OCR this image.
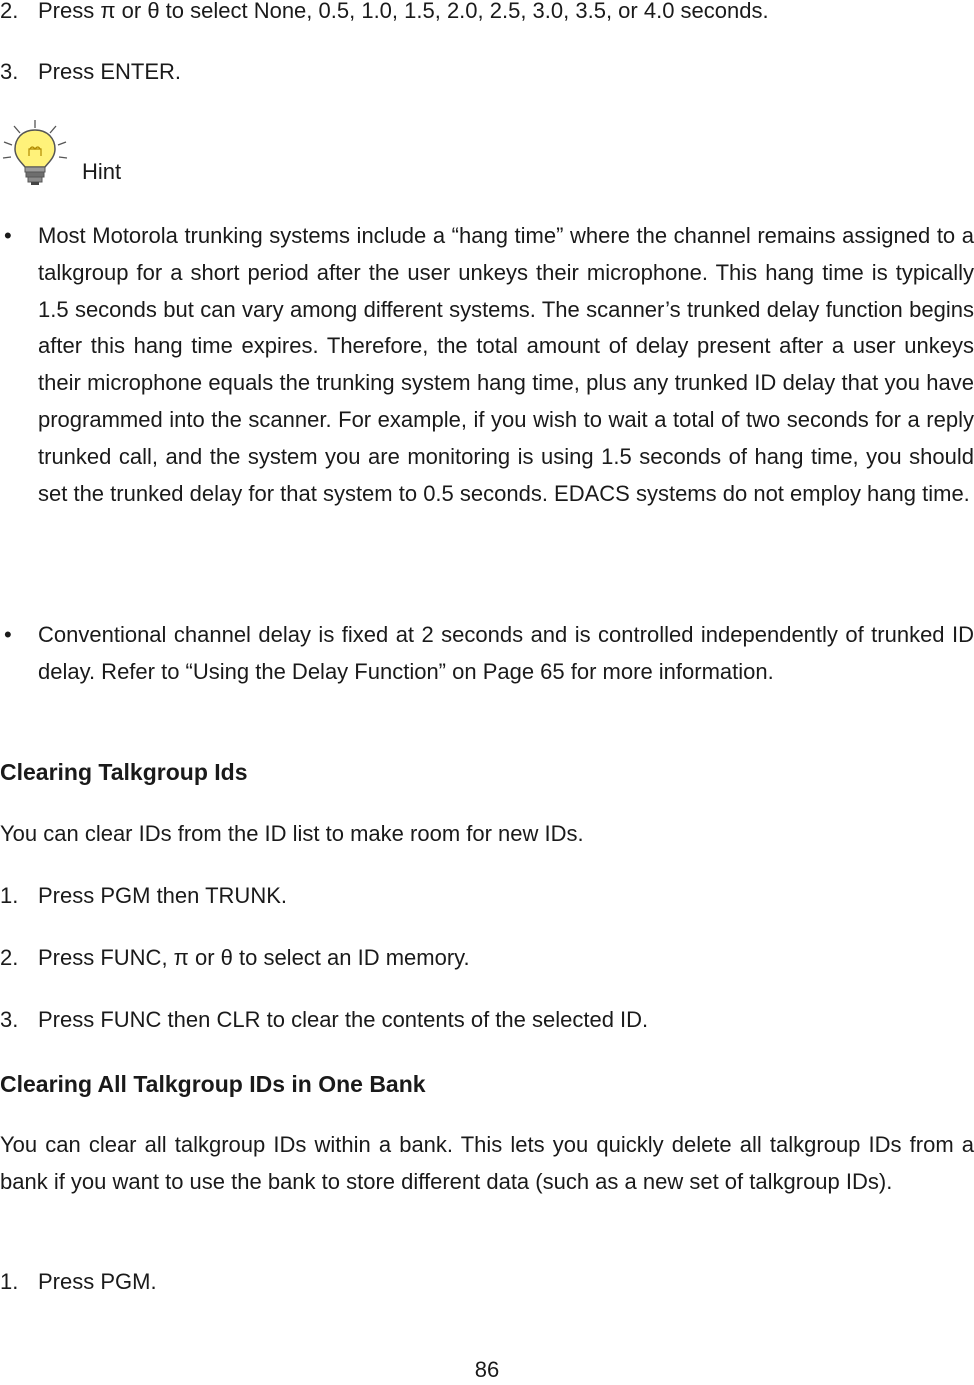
2. Press π or θ to select None, 0.5, 1.0, 1.5, 2.0, 2.5, 3.0, 3.5, or 4.0 seconds.
3. Press ENTER.
Hint
• Most Motorola trunking systems include a “hang time” where the channel remains assigned to a talkgroup for a short period after the user unkeys their microphone. This hang time is typically 1.5 seconds but can vary among different systems. The scanner’s trunked delay function begins after this hang time expires. Therefore, the total amount of delay present after a user unkeys their microphone equals the trunking system hang time, plus any trunked ID delay that you have programmed into the scanner. For example, if you wish to wait a total of two seconds for a reply trunked call, and the system you are monitoring is using 1.5 seconds of hang time, you should set the trunked delay for that system to 0.5 seconds. EDACS systems do not employ hang time.
• Conventional channel delay is fixed at 2 seconds and is controlled independently of trunked ID delay. Refer to “Using the Delay Function” on Page 65 for more information.
Clearing Talkgroup Ids
You can clear IDs from the ID list to make room for new IDs.
1. Press PGM then TRUNK.
2. Press FUNC, π or θ to select an ID memory.
3. Press FUNC then CLR to clear the contents of the selected ID.
Clearing All Talkgroup IDs in One Bank
You can clear all talkgroup IDs within a bank. This lets you quickly delete all talkgroup IDs from a bank if you want to use the bank to store different data (such as a new set of talkgroup IDs).
1. Press PGM.
86
